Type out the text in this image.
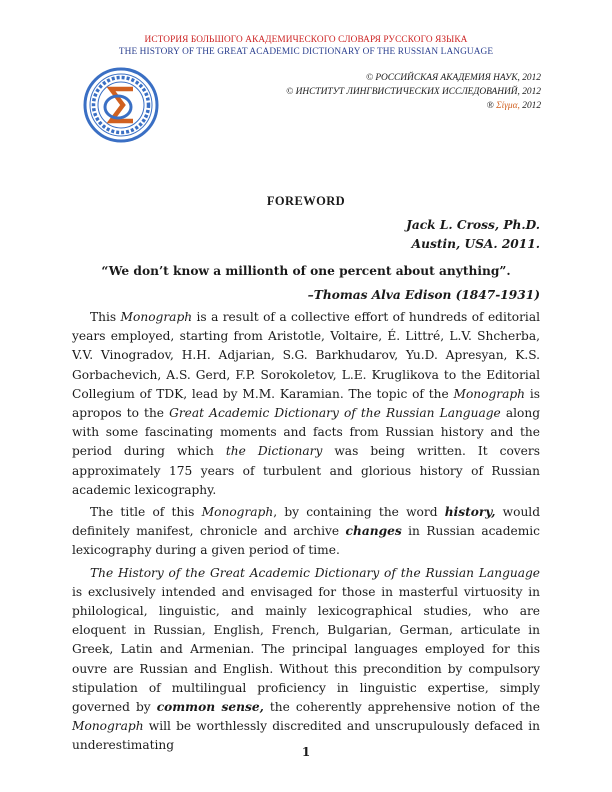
ИСТОРИЯ БОЛЬШОГО АКАДЕМИЧЕСКОГО СЛОВАРЯ РУССКОГО ЯЗЫКА
THE HISTORY OF THE GREAT ACADEMIC DICTIONARY OF THE RUSSIAN LANGUAGE
© РОССИЙСКАЯ АКАДЕМИЯ НАУК, 2012
© ИНСТИТУТ ЛИНГВИСТИЧЕСКИХ ИССЛЕДОВАНИЙ, 2012
® Σίγμα, 2012
FOREWORD
Jack L. Cross, Ph.D.
Austin, USA. 2011.
“We don’t know a millionth of one percent about anything”.
–Thomas Alva Edison (1847-1931)

This Monograph is a result of a collective effort of hundreds of editorial years employed, starting from Aristotle, Voltaire, É. Littré, L.V. Shcherba, V.V. Vinogradov, H.H. Adjarian, S.G. Barkhudarov, Yu.D. Apresyan, K.S. Gorbachevich, A.S. Gerd, F.P. Sorokoletov, L.E. Kruglikova to the Editorial Collegium of TDK, lead by M.M. Karamian. The topic of the Monograph is apropos to the Great Academic Dictionary of the Russian Language along with some fascinating moments and facts from Russian history and the period during which the Dictionary was being written. It covers approximately 175 years of turbulent and glorious history of Russian academic lexicography.

The title of this Monograph, by containing the word history, would definitely manifest, chronicle and archive changes in Russian academic lexicography during a given period of time.

The History of the Great Academic Dictionary of the Russian Language is exclusively intended and envisaged for those in masterful virtuosity in philological, linguistic, and mainly lexicographical studies, who are eloquent in Russian, English, French, Bulgarian, German, articulate in Greek, Latin and Armenian. The principal languages employed for this ouvre are Russian and English. Without this precondition by compulsory stipulation of multilingual proficiency in linguistic expertise, simply governed by common sense, the coherently apprehensive notion of the Monograph will be worthlessly discredited and unscrupulously defaced in underestimating	1
